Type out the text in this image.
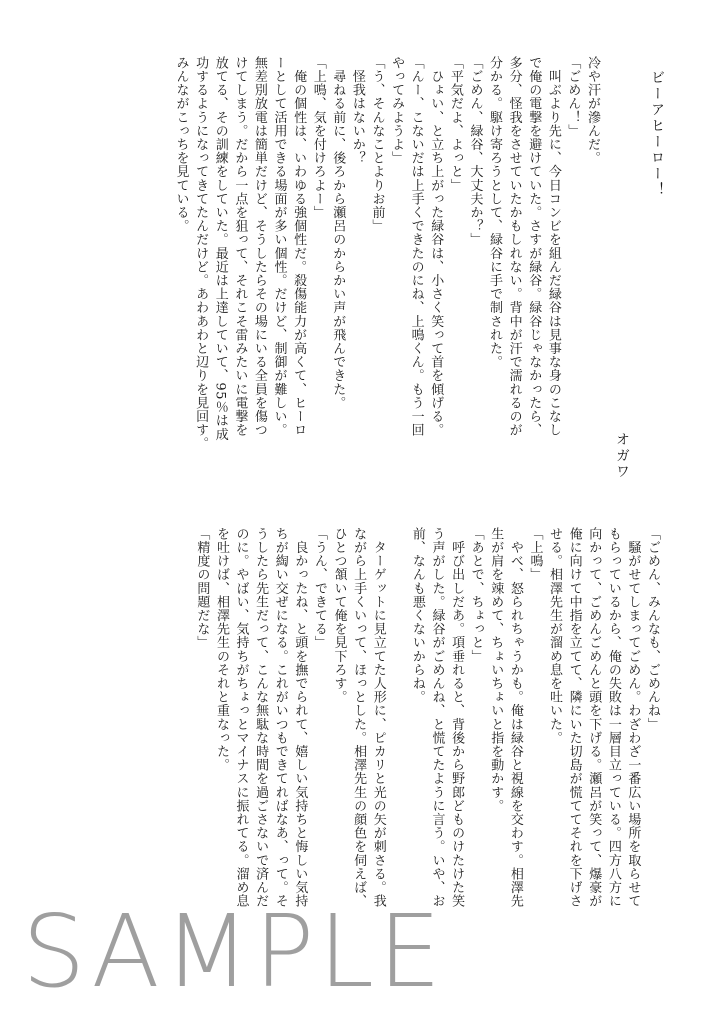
ビーアヒーロー！
冷や汗が滲んだ。
「ごめん！」
　叫ぶより先に、今日コンビを組んだ緑谷は見事な身のこなし
で俺の電撃を避けていた。さすが緑谷。緑谷じゃなかったら、
多分、怪我をさせていたかもしれない。背中が汗で濡れるのが
分かる。駆け寄ろうとして、緑谷に手で制された。
「ごめん、緑谷、大丈夫か？」
「平気だよ、よっと」
　ひょい、と立ち上がった緑谷は、小さく笑って首を傾げる。
「んー、こないだは上手くできたのにね、上鳴くん。もう一回
やってみようよ」
「う、そんなことよりお前」
　怪我はないか？
　尋ねる前に、後ろから瀬呂のからかい声が飛んできた。
「上鳴、気を付けろよー」
　俺の個性は、いわゆる強個性だ。殺傷能力が高くて、ヒーロ
ーとして活用できる場面が多い個性。だけど、制御が難しい。
無差別放電は簡単だけど、そうしたらその場にいる全員を傷つ
けてしまう。だから一点を狙って、それこそ雷みたいに電撃を
放てる、その訓練をしていた。最近は上達していて、95％は成
功するようになってきてたんだけど。あわあわと辺りを見回す。
みんながこっちを見ている。
オガワ
「ごめん、みんなも、ごめんね」
　騒がせてしまってごめん。わざわざ一番広い場所を取らせて
もらっているから、俺の失敗は一層目立っている。四方八方に
向かって、ごめんごめんと頭を下げる。瀬呂が笑って、爆豪が
俺に向けて中指を立てて、隣にいた切島が慌ててそれを下げさ
せる。相澤先生が溜め息を吐いた。
「上鳴」
　やべ、怒られちゃうかも。俺は緑谷と視線を交わす。相澤先
生が肩を竦めて、ちょいちょいと指を動かす。
「あとで、ちょっと」
　呼び出しだあ。項垂れると、背後から野郎どものけたけた笑
う声がした。緑谷がごめんね、と慌てたように言う。いや、お
前、なんも悪くないからね。
　ターゲットに見立てた人形に、ピカリと光の矢が刺さる。我
ながら上手くいって、ほっとした。相澤先生の顔色を伺えば、
ひとつ頷いて俺を見下ろす。
「うん、できてる」
　良かったね、と頭を撫でられて、嬉しい気持ちと悔しい気持
ちが綯い交ぜになる。これがいつもできてればなあ、って。そ
うしたら先生だって、こんな無駄な時間を過ごさないで済んだ
のに。やばい、気持ちがちょっとマイナスに振れてる。溜め息
を吐けば、相澤先生のそれと重なった。
「精度の問題だな」
SAMPLE
